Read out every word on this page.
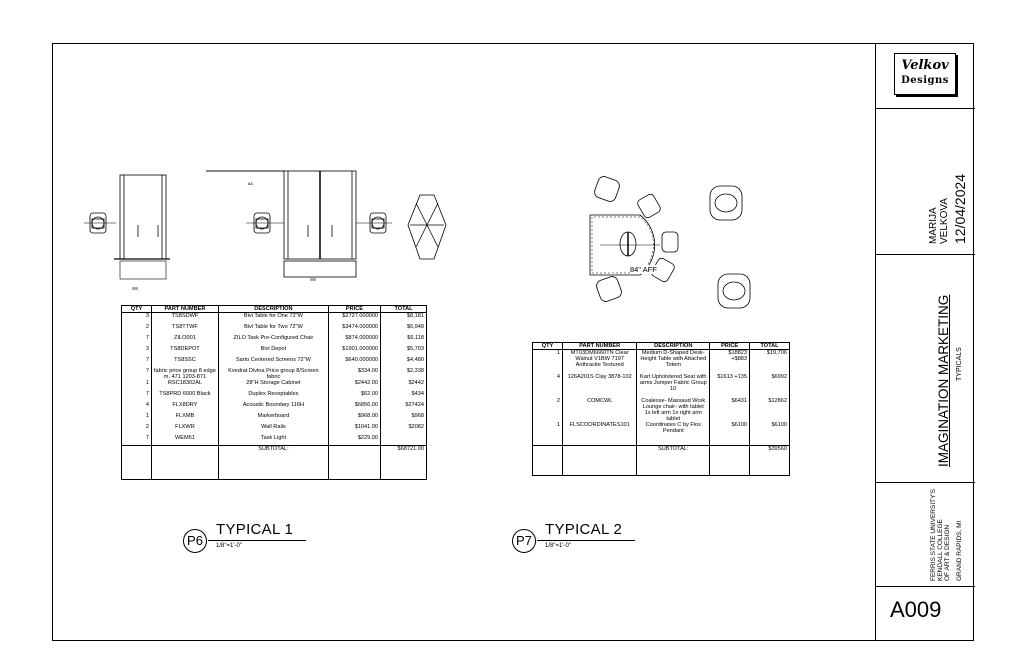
Velkov
Designs
MARIJA VELKOVA 12/04/2024
IMAGINATION MARKETING TYPICALS
FERRIS STATE UNIVERSITY'S KENDALL COLLEGE OF ART & DESIGN GRAND RAPIDS, MI
A009
8A
ⅡⅡⅡ
ⅡⅡⅡ
QTY	PART NUMBER	DESCRIPTION	PRICE	TOTAL
3	TS8SDWF	Bivi Table for One 72"W	$2727.000000	$8,181
2	TS8TTWF	Bivi Table for Two 72"W	$3474.000000	$6,948
7	ZILO001	ZILO Task Pre-Configured Chair	$874.000000	$6,118
3	TS8DEPOT	Bivi Depot	$1901.000000	$5,703
7	TS8SSC	Sarto Centered Screens 72"W	$640.000000	$4,480
7	fabric price group 8 edge m, 471 1203-871	Kvedrat Divina Price group 8/Screen fabric	$334.00	$2,338
1	RSC18302AL	28"H Storage Cabinet	$2442.00	$2442
7	TS8PRD 6000 Black	Duplex Receptables	$62.00	$434
4	FLX8DRY	Acoustic Boundary 116H	$6856.00	$27424
1	FLXMB	Markerboard	$968.00	$968
2	FLXWR	Wall Rails	$1041.00	$2082
7	WEM61	Task Light	$229.00	
		SUBTOTAL:		$68721.00
P6
TYPICAL 1
1/8"=1'-0"
84" AFF
QTY	PART NUMBER	DESCRIPTION	PRICE	TOTAL
1	MT03DM6660TN Clear Walnut V1BW 7197 Anthracite Textured	Medium D-Shaped Desk-Height Table with Attached Totem	$18823 +$883	$19,706
4	126A201S Clay 3878-102	Kart Upholstered Seat with arms Jumper Fabric Group 10	$1613 +135	$6992
2	COMCWL	Coalesse- Massaud Work Lounge chair- with tablet 1x left arm 1x right arm tablet	$6431	$12862
1	FLSCOORDINATES101	Coordinates C by Flos Pendant	$6100	$6100
		SUBTOTAL:		$39560
P7
TYPICAL 2
1/8"=1'-0"
